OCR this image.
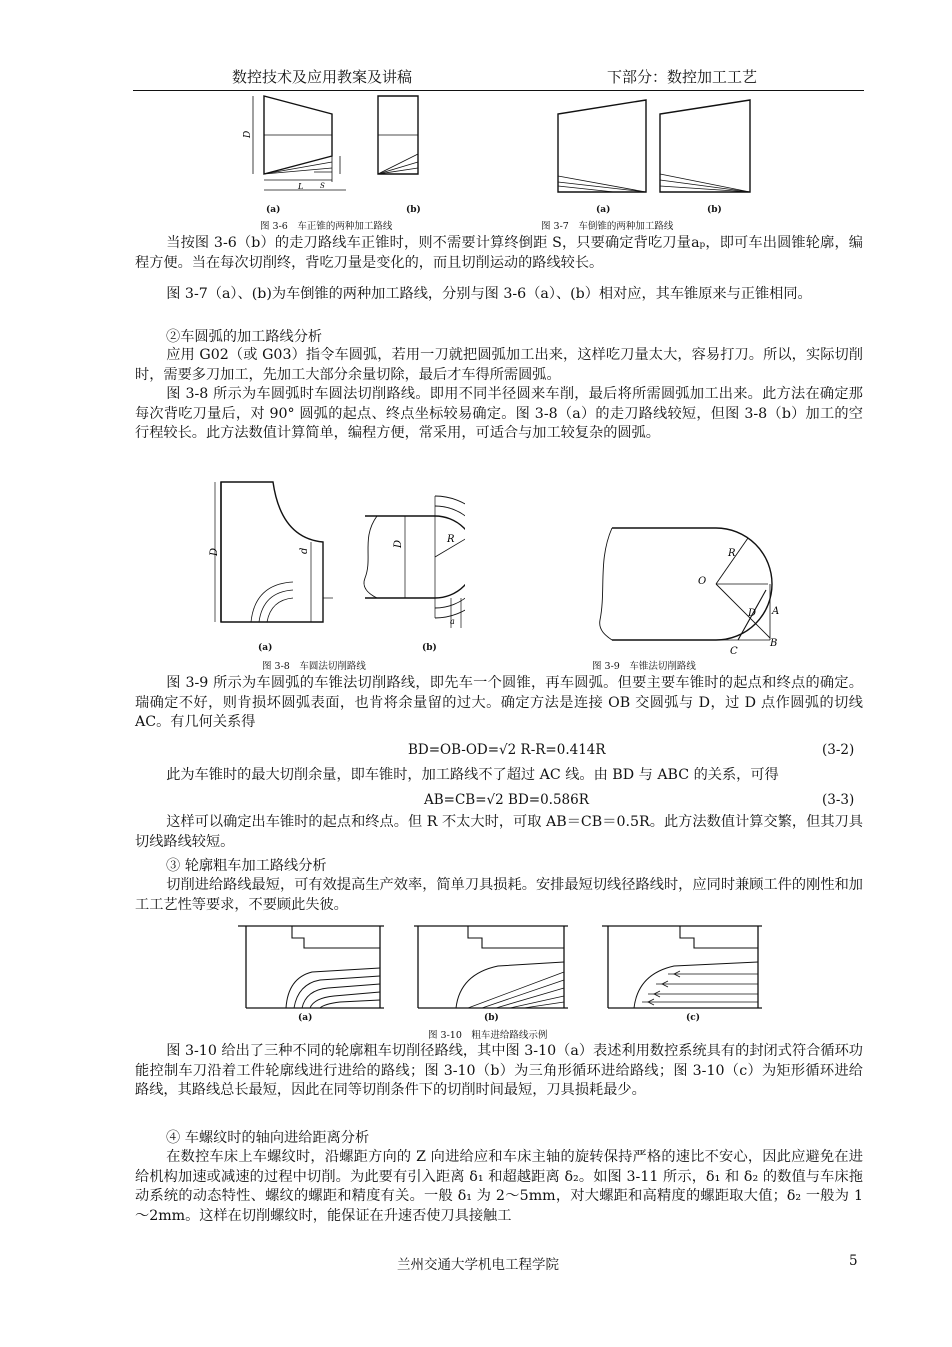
数控技术及应用教案及讲稿	下部分：数控加工工艺
D
L S
(a)	(b)
图 3-6　车正锥的两种加工路线
(a)	(b)
图 3-7　车倒锥的两种加工路线

当按图 3-6（b）的走刀路线车正锥时，则不需要计算终倒距 S，只要确定背吃刀量aₚ，即可车出圆锥轮廓，编程方便。当在每次切削终，背吃刀量是变化的，而且切削运动的路线较长。

图 3-7（a）、(b)为车倒锥的两种加工路线，分别与图 3-6（a）、(b）相对应，其车锥原来与正锥相同。

②车圆弧的加工路线分析

应用 G02（或 G03）指令车圆弧，若用一刀就把圆弧加工出来，这样吃刀量太大，容易打刀。所以，实际切削时，需要多刀加工，先加工大部分余量切除，最后才车得所需圆弧。

图 3-8 所示为车圆弧时车圆法切削路线。即用不同半径圆来车削，最后将所需圆弧加工出来。此方法在确定那每次背吃刀量后，对 90° 圆弧的起点、终点坐标较易确定。图 3-8（a）的走刀路线较短，但图 3-8（b）加工的空行程较长。此方法数值计算简单，编程方便，常采用，可适合与加工较复杂的圆弧。

D	d
D	R
a
(a)	(b)
图 3-8　车圆法切削路线
O
R
D A
B
C
图 3-9　车锥法切削路线

图 3-9 所示为车圆弧的车锥法切削路线，即先车一个圆锥，再车圆弧。但要主要车锥时的起点和终点的确定。瑞确定不好，则肯损坏圆弧表面，也肯将余量留的过大。确定方法是连接 OB 交圆弧与 D，过 D 点作圆弧的切线 AC。有几何关系得

BD=OB-OD=√2 R-R=0.414R	(3-2)

此为车锥时的最大切削余量，即车锥时，加工路线不了超过 AC 线。由 BD 与 ABC 的关系，可得

AB=CB=√2 BD=0.586R	(3-3)

这样可以确定出车锥时的起点和终点。但 R 不太大时，可取 AB＝CB＝0.5R。此方法数值计算交繁，但其刀具切线路线较短。

③ 轮廓粗车加工路线分析

切削进给路线最短，可有效提高生产效率，简单刀具损耗。安排最短切线径路线时，应同时兼顾工件的刚性和加工工艺性等要求，不要顾此失彼。

(a)	(b)	(c)
图 3-10　粗车进给路线示例

图 3-10 给出了三种不同的轮廓粗车切削径路线，其中图 3-10（a）表述利用数控系统具有的封闭式符合循环功能控制车刀沿着工件轮廓线进行进给的路线；图 3-10（b）为三角形循环进给路线；图 3-10（c）为矩形循环进给路线，其路线总长最短，因此在同等切削条件下的切削时间最短，刀具损耗最少。

④ 车螺纹时的轴向进给距离分析

在数控车床上车螺纹时，沿螺距方向的 Z 向进给应和车床主轴的旋转保持严格的速比不安心，因此应避免在进给机构加速或减速的过程中切削。为此要有引入距离 δ₁ 和超越距离 δ₂。如图 3-11 所示，δ₁ 和 δ₂ 的数值与车床拖动系统的动态特性、螺纹的螺距和精度有关。一般 δ₁ 为 2～5mm，对大螺距和高精度的螺距取大值；δ₂ 一般为 1～2mm。这样在切削螺纹时，能保证在升速否使刀具接触工

兰州交通大学机电工程学院	5
